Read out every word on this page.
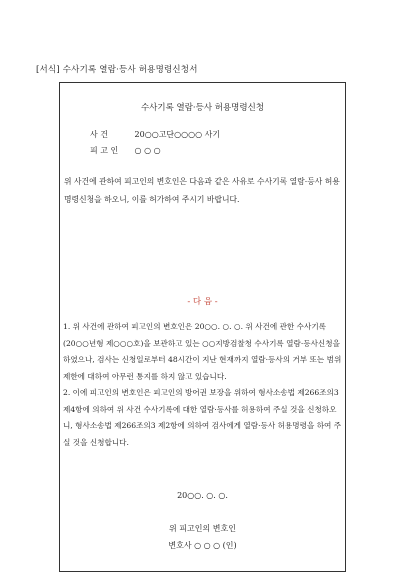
[서식] 수사기록 열람·등사 허용명령신청서
수사기록 열람·등사 허용명령신청
사 건	20○○고단○○○○ 사기
피 고 인 ○ ○ ○

위 사건에 관하여 피고인의 변호인은 다음과 같은 사유로 수사기록 열람·등사 허용명령신청을 하오니, 이를 허가하여 주시기 바랍니다.

- 다 음 -

1. 위 사건에 관하여 피고인의 변호인은 20○○. ○. ○. 위 사건에 관한 수사기록(20○○년형 제○○○호)을 보관하고 있는 ○○지방검찰청 수사기록 열람·등사신청을 하였으나, 검사는 신청일로부터 48시간이 지난 현재까지 열람·등사의 거부 또는 범위제한에 대하여 아무런 통지를 하지 않고 있습니다.

2. 이에 피고인의 변호인은 피고인의 방어권 보장을 위하여 형사소송법 제266조의3 제4항에 의하여 위 사건 수사기록에 대한 열람·등사를 허용하여 주실 것을 신청하오니, 형사소송법 제266조의3 제2항에 의하여 검사에게 열람·등사 허용명령을 하여 주실 것을 신청합니다.

20○○. ○. ○.
위 피고인의 변호인
변호사 ○ ○ ○ (인)
